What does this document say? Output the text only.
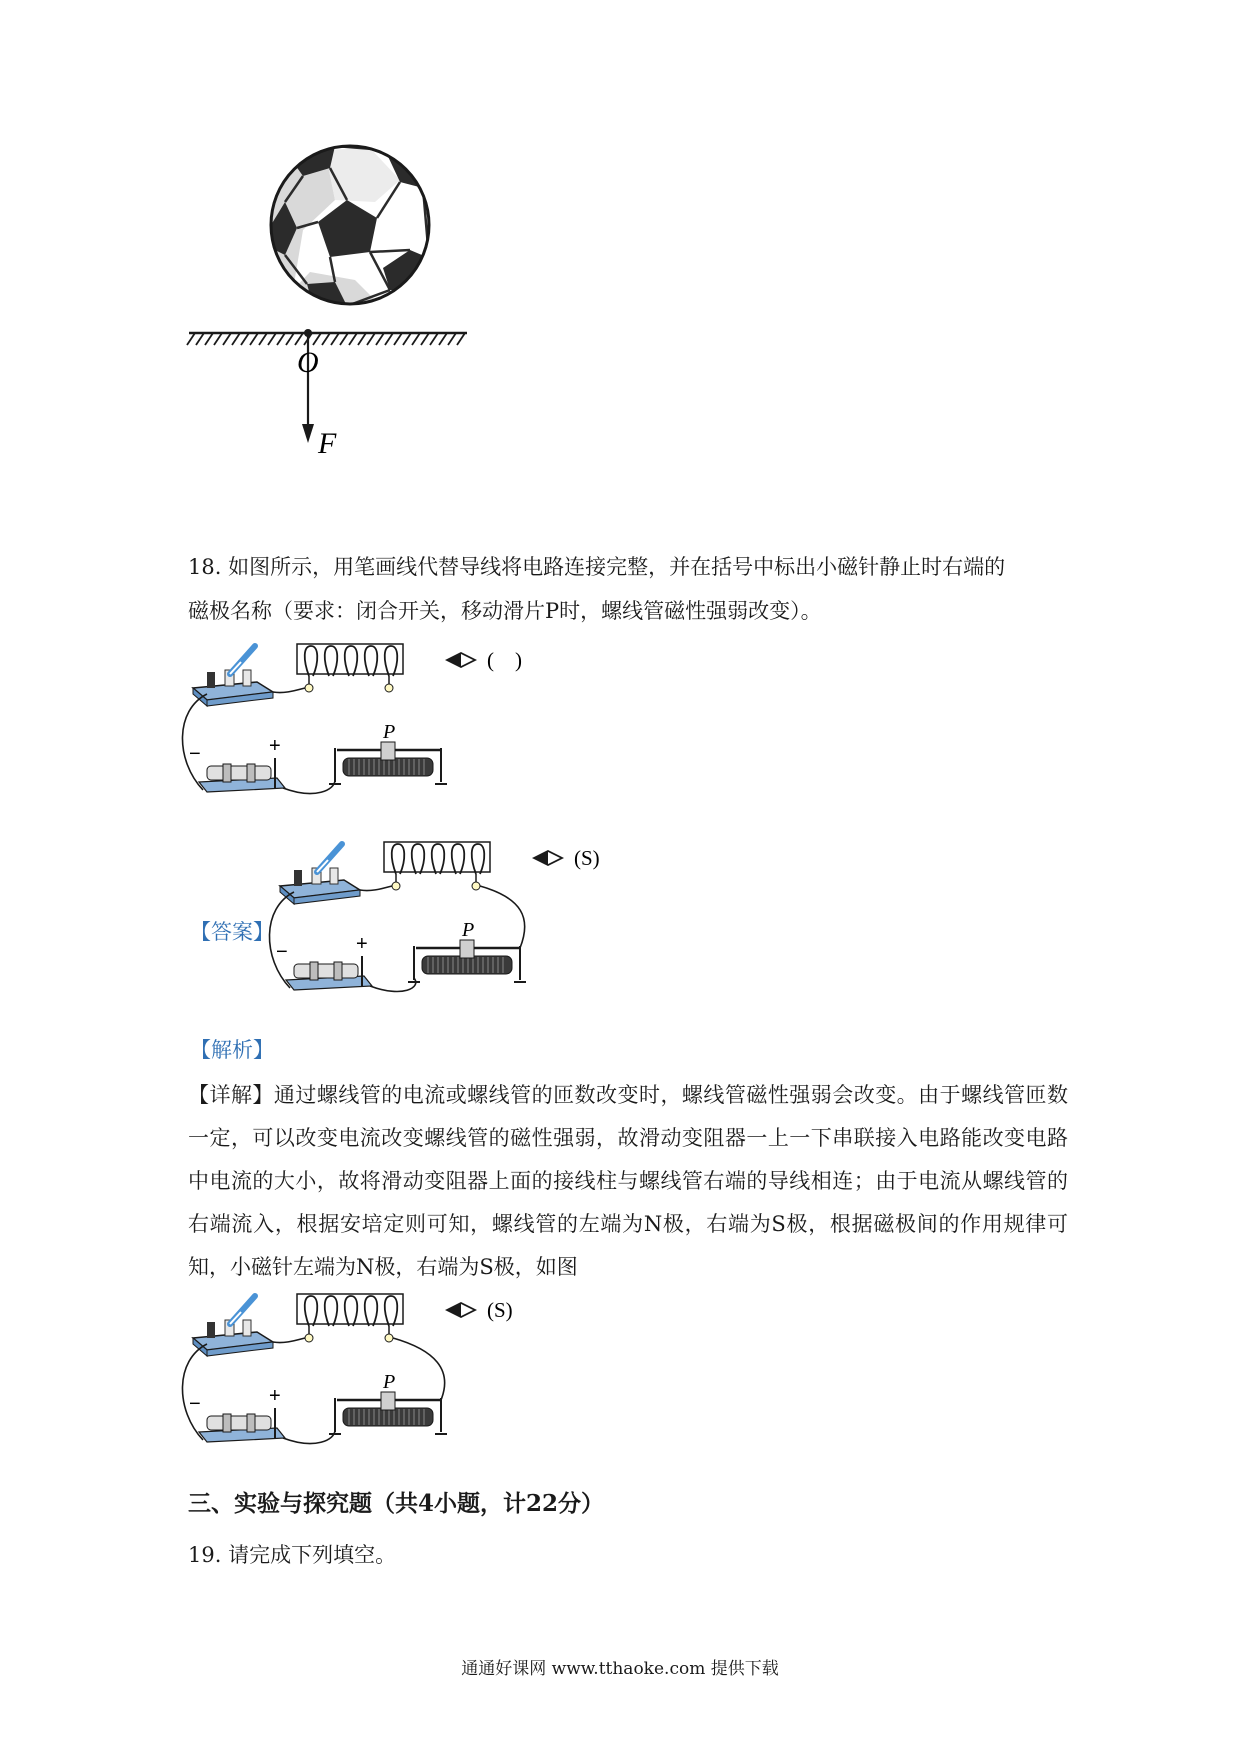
O
F
18. 如图所示，用笔画线代替导线将电路连接完整，并在括号中标出小磁针静止时右端的
磁极名称（要求：闭合开关，移动滑片P时，螺线管磁性强弱改变）。
(　)
−	+
P
(S)
−	+
P
(S)
−	+
P
【答案】
【解析】
【详解】通过螺线管的电流或螺线管的匝数改变时，螺线管磁性强弱会改变。由于螺线管匝数一定，可以改变电流改变螺线管的磁性强弱，故滑动变阻器一上一下串联接入电路能改变电路中电流的大小，故将滑动变阻器上面的接线柱与螺线管右端的导线相连；由于电流从螺线管的右端流入，根据安培定则可知，螺线管的左端为N极，右端为S极，根据磁极间的作用规律可知，小磁针左端为N极，右端为S极，如图
三、实验与探究题（共4小题，计22分）
19. 请完成下列填空。
通通好课网 www.tthaoke.com 提供下载
